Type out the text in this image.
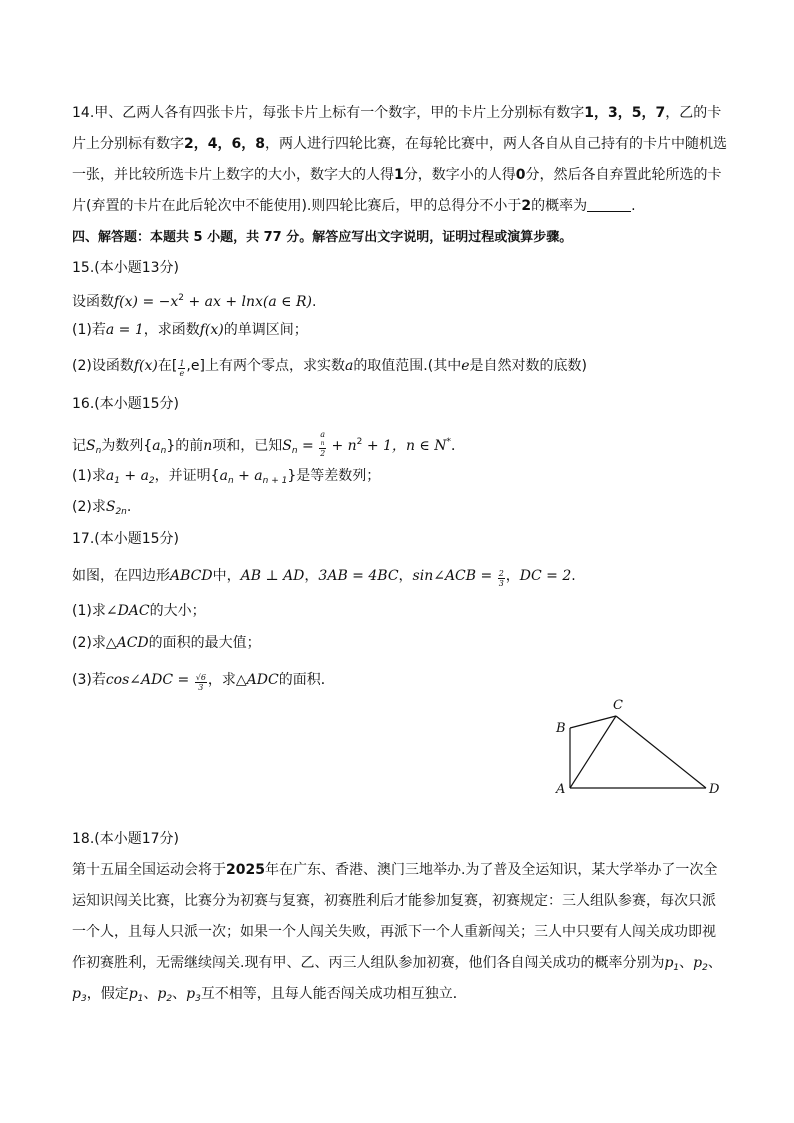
14.甲、乙两人各有四张卡片，每张卡片上标有一个数字，甲的卡片上分别标有数字1，3，5，7，乙的卡
片上分别标有数字2，4，6，8，两人进行四轮比赛，在每轮比赛中，两人各自从自己持有的卡片中随机选
一张，并比较所选卡片上数字的大小，数字大的人得1分，数字小的人得0分，然后各自弃置此轮所选的卡
片(弃置的卡片在此后轮次中不能使用).则四轮比赛后，甲的总得分不小于2的概率为	.
四、解答题：本题共 5 小题，共 77 分。解答应写出文字说明，证明过程或演算步骤。
15.(本小题13分)
设函数$f(x) = -x^2$ + ax + lnx(a ∈ R).
(1)若a = 1，求函数f(x)的单调区间；
(2)设函数f(x)在[ $\frac{1}{e} ,e$]上有两个零点，求实数a的取值范围.(其中e是自然对数的底数)
16.(本小题15分)
记$S_n$为数列$\{a_n\}$的前n项和，已知$S_n = a$
n
$2 + n^2 + 1$，n ∈ N*．
(1)求$a_1 + a_2$，并证明$\{a_n + a_{n + 1}\}$是等差数列；
(2)求$S_{2n}$.
17.(本小题15分)
如图，在四边形ABCD中，AB ⊥ AD，3AB = 4BC，sin∠ACB = $\frac{2}{3}$ ，DC = 2.
(1)求∠DAC的大小；
(2)求△ACD的面积的最大值；
(3)若cos∠ADC = $\frac{√6}{3}$ ，求△ADC的面积．
B
C
A	D
18.(本小题17分)
第十五届全国运动会将于2025年在广东、香港、澳门三地举办.为了普及全运知识，某大学举办了一次全
运知识闯关比赛，比赛分为初赛与复赛，初赛胜利后才能参加复赛，初赛规定：三人组队参赛，每次只派
一个人，且每人只派一次；如果一个人闯关失败，再派下一个人重新闯关；三人中只要有人闯关成功即视
作初赛胜利，无需继续闯关.现有甲、乙、丙三人组队参加初赛，他们各自闯关成功的概率分别为$p_1$、$p_2$、
$p_3$，假定$p_1$、$p_2$、$p_3$互不相等，且每人能否闯关成功相互独立．
